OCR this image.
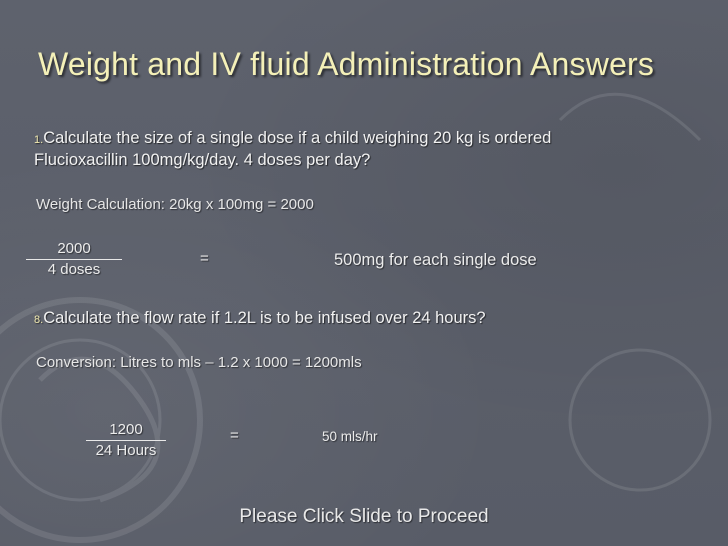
Weight and IV fluid Administration Answers
1.Calculate the size of a single dose if a child weighing 20 kg is ordered
Flucioxacillin 100mg/kg/day. 4 doses per day?
Weight Calculation: 20kg x 100mg = 2000
2000
4 doses
=	500mg for each single dose
8.Calculate the flow rate if 1.2L is to be infused over 24 hours?
Conversion: Litres to mls – 1.2 x 1000 = 1200mls
1200
24 Hours
=	50 mls/hr
Please Click Slide to Proceed
